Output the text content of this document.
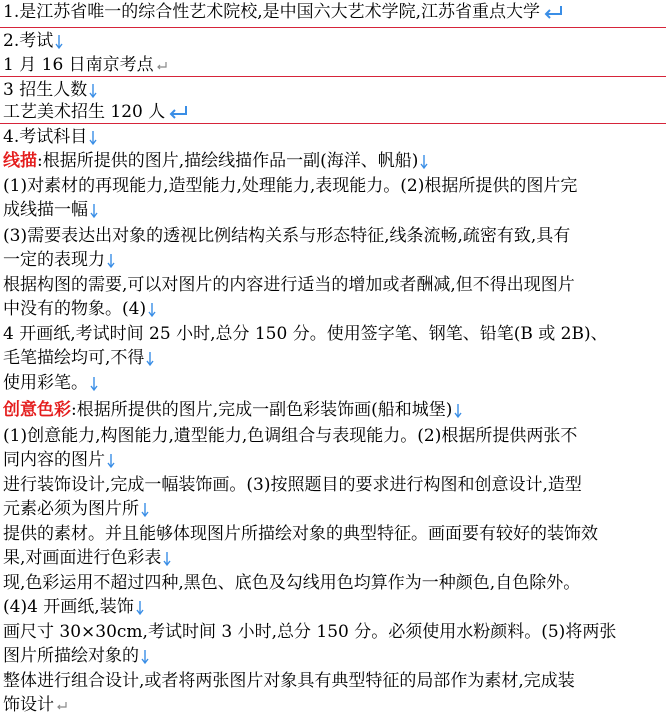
1.是江苏省唯一的综合性艺术院校,是中国六大艺术学院,江苏省重点大学
2.考试
1 月 16 日南京考点
3 招生人数
工艺美术招生 120 人
4.考试科目
线描:根据所提供的图片,描绘线描作品一副(海洋、帆船)
(1)对素材的再现能力,造型能力,处理能力,表现能力。(2)根据所提供的图片完
成线描一幅
(3)需要表达出对象的透视比例结构关系与形态特征,线条流畅,疏密有致,具有
一定的表现力
根据构图的需要,可以对图片的内容进行适当的增加或者酬减,但不得出现图片
中没有的物象。(4)
4 开画纸,考试时间 25 小时,总分 150 分。使用签字笔、钢笔、铅笔(B 或 2B)、
毛笔描绘均可,不得
使用彩笔。
创意色彩:根据所提供的图片,完成一副色彩装饰画(船和城堡)
(1)创意能力,构图能力,遺型能力,色调组合与表现能力。(2)根据所提供两张不
同内容的图片
进行装饰设计,完成一幅装饰画。(3)按照题目的要求进行构图和创意设计,造型
元素必须为图片所
提供的素材。并且能够体现图片所描绘对象的典型特征。画面要有较好的装饰效
果,对画面进行色彩表
现,色彩运用不超过四种,黑色、底色及勾线用色均算作为一种颜色,自色除外。
(4)4 开画纸,装饰
画尺寸 30×30cm,考试时间 3 小时,总分 150 分。必须使用水粉颜料。(5)将两张
图片所描绘对象的
整体进行组合设计,或者将两张图片对象具有典型特征的局部作为素材,完成装
饰设计
